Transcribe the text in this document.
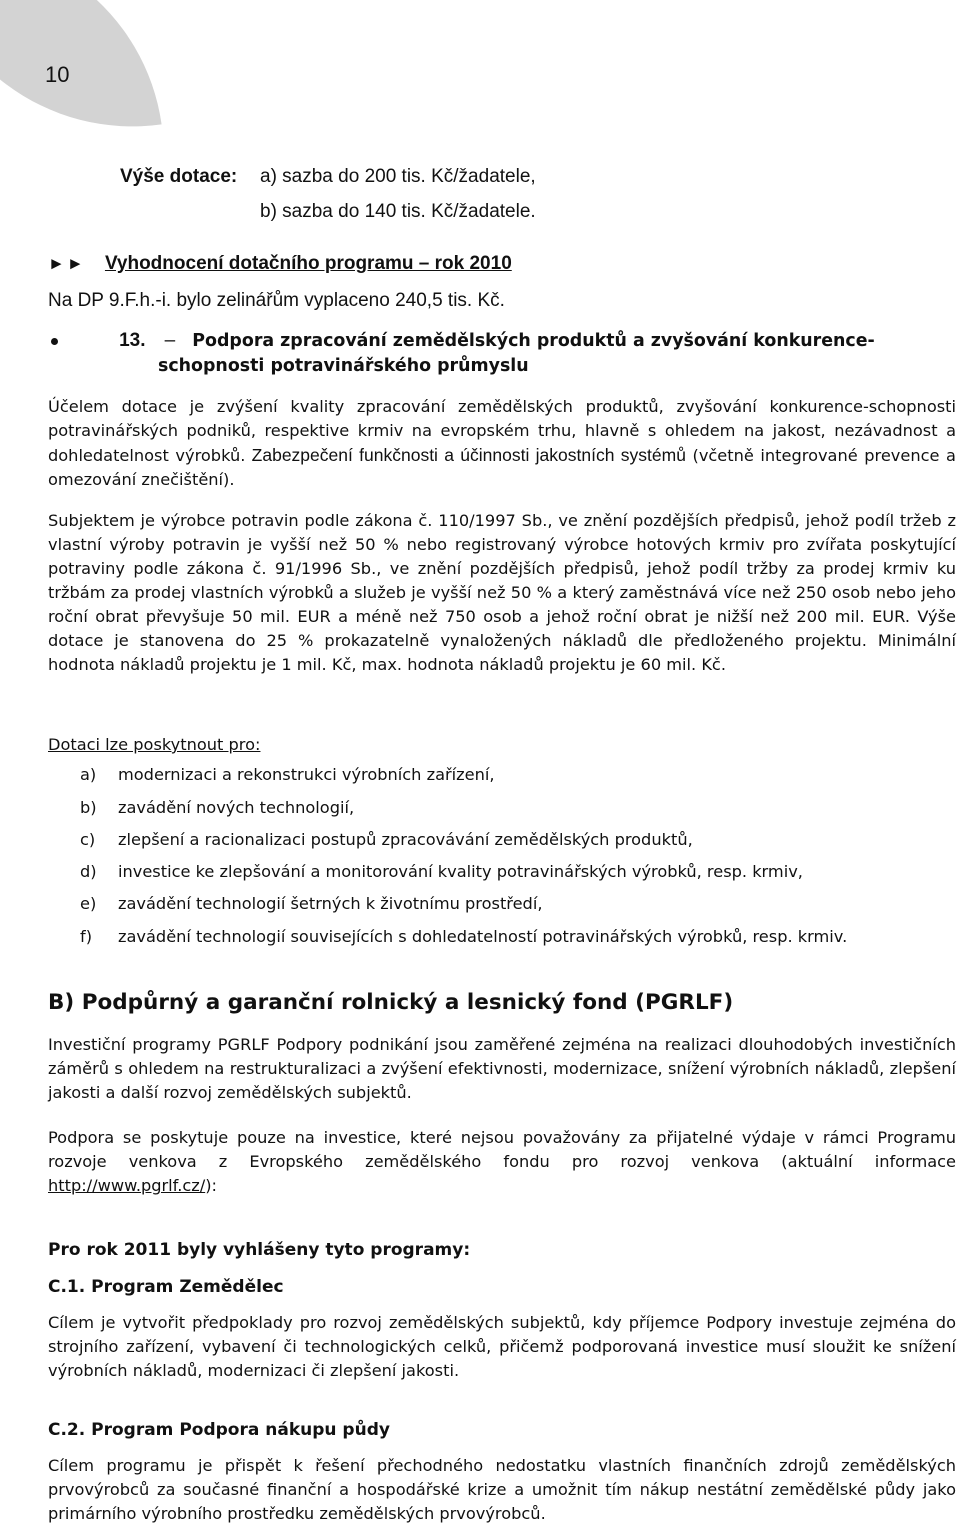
10
Výše dotace: a) sazba do 200 tis. Kč/žadatele,
b) sazba do 140 tis. Kč/žadatele.
►► Vyhodnocení dotačního programu – rok 2010
Na DP 9.F.h.-i. bylo zelinářům vyplaceno 240,5 tis. Kč.
13. – Podpora zpracování zemědělských produktů a zvyšování konkurence-
schopnosti potravinářského průmyslu
Účelem dotace je zvýšení kvality zpracování zemědělských produktů, zvyšování konkurence-schopnosti potravinářských podniků, respektive krmiv na evropském trhu, hlavně s ohledem na jakost, nezávadnost a dohledatelnost výrobků. Zabezpečení funkčnosti a účinnosti jakostních systémů (včetně integrované prevence a omezování znečištění).
Subjektem je výrobce potravin podle zákona č. 110/1997 Sb., ve znění pozdějších předpisů, jehož podíl tržeb z vlastní výroby potravin je vyšší než 50 % nebo registrovaný výrobce hotových krmiv pro zvířata poskytující potraviny podle zákona č. 91/1996 Sb., ve znění pozdějších předpisů, jehož podíl tržby za prodej krmiv ku tržbám za prodej vlastních výrobků a služeb je vyšší než 50 % a který zaměstnává více než 250 osob nebo jeho roční obrat převyšuje 50 mil. EUR a méně než 750 osob a jehož roční obrat je nižší než 200 mil. EUR. Výše dotace je stanovena do 25 % prokazatelně vynaložených nákladů dle předloženého projektu. Minimální hodnota nákladů projektu je 1 mil. Kč, max. hodnota nákladů projektu je 60 mil. Kč.
Dotaci lze poskytnout pro:
a) modernizaci a rekonstrukci výrobních zařízení,
b) zavádění nových technologií,
c) zlepšení a racionalizaci postupů zpracovávání zemědělských produktů,
d) investice ke zlepšování a monitorování kvality potravinářských výrobků, resp. krmiv,
e) zavádění technologií šetrných k životnímu prostředí,
f) zavádění technologií souvisejících s dohledatelností potravinářských výrobků, resp. krmiv.
B) Podpůrný a garanční rolnický a lesnický fond (PGRLF)
Investiční programy PGRLF Podpory podnikání jsou zaměřené zejména na realizaci dlouhodobých investičních záměrů s ohledem na restrukturalizaci a zvýšení efektivnosti, modernizace, snížení výrobních nákladů, zlepšení jakosti a další rozvoj zemědělských subjektů.
Podpora se poskytuje pouze na investice, které nejsou považovány za přijatelné výdaje v rámci Programu rozvoje venkova z Evropského zemědělského fondu pro rozvoj venkova (aktuální informace http://www.pgrlf.cz/):
Pro rok 2011 byly vyhlášeny tyto programy:
C.1. Program Zemědělec
Cílem je vytvořit předpoklady pro rozvoj zemědělských subjektů, kdy příjemce Podpory investuje zejména do strojního zařízení, vybavení či technologických celků, přičemž podporovaná investice musí sloužit ke snížení výrobních nákladů, modernizaci či zlepšení jakosti.
C.2. Program Podpora nákupu půdy
Cílem programu je přispět k řešení přechodného nedostatku vlastních finančních zdrojů zemědělských prvovýrobců za současné finanční a hospodářské krize a umožnit tím nákup nestátní zemědělské půdy jako primárního výrobního prostředku zemědělských prvovýrobců.
